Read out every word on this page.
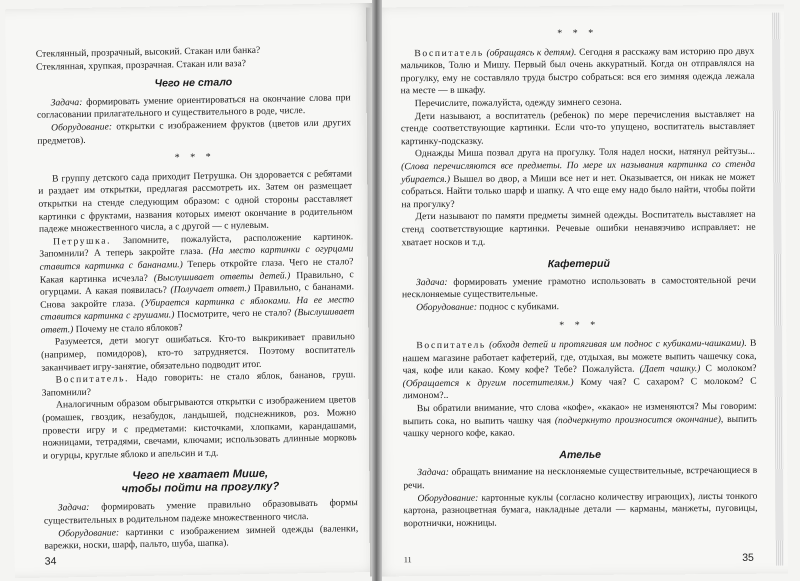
Стеклянный, прозрачный, высокий. Стакан или банка?

Стеклянная, хрупкая, прозрачная. Стакан или ваза?

Чего не стало

Задача: формировать умение ориентироваться на окончание слова при согласовании прилагательного и существительного в роде, числе.

Оборудование: открытки с изображением фруктов (цветов или других предметов).

* * *

В группу детского сада приходит Петрушка. Он здоровается с ребятами и раздает им открытки, предлагая рассмотреть их. Затем он размещает открытки на стенде следующим образом: с одной стороны расставляет картинки с фруктами, названия которых имеют окончание в родительном падеже множественного числа, а с другой — с нулевым.

Петрушка. Запомните, пожалуйста, расположение картинок. Запомнили? А теперь закройте глаза. (На место картинки с огурцами ставится картинка с бананами.) Теперь откройте глаза. Чего не стало? Какая картинка исчезла? (Выслушивает ответы детей.) Правильно, с огурцами. А какая появилась? (Получает ответ.) Правильно, с бананами. Снова закройте глаза. (Убирается картинка с яблоками. На ее место ставится картинка с грушами.) Посмотрите, чего не стало? (Выслушивает ответ.) Почему не стало яблоков?

Разумеется, дети могут ошибаться. Кто-то выкрикивает правильно (например, помидоров), кто-то затрудняется. Поэтому воспитатель заканчивает игру-занятие, обязательно подводит итог.

Воспитатель. Надо говорить: не стало яблок, бананов, груш. Запомнили?

Аналогичным образом обыгрываются открытки с изображением цветов (ромашек, гвоздик, незабудок, ландышей, подснежников, роз. Можно провести игру и с предметами: кисточками, хлопками, карандашами, ножницами, тетрадями, свечами, ключами; использовать длинные морковь и огурцы, круглые яблоко и апельсин и т.д.

Чего не хватает Мише,
чтобы пойти на прогулку?

Задача: формировать умение правильно образовывать формы существительных в родительном падеже множественного числа.

Оборудование: картинки с изображением зимней одежды (валенки, варежки, носки, шарф, пальто, шуба, шапка).

34
* * *

Воспитатель (обращаясь к детям). Сегодня я расскажу вам историю про двух мальчиков, Толю и Мишу. Первый был очень аккуратный. Когда он отправлялся на прогулку, ему не составляло труда быстро собраться: вся его зимняя одежда лежала на месте — в шкафу.

Перечислите, пожалуйста, одежду зимнего сезона.

Дети называют, а воспитатель (ребенок) по мере перечисления выставляет на стенде соответствующие картинки. Если что-то упущено, воспитатель выставляет картинку-подсказку.

Однажды Миша позвал друга на прогулку. Толя надел носки, натянул рейтузы... (Слова перечисляются все предметы. По мере их называния картинка со стенда убирается.) Вышел во двор, а Миши все нет и нет. Оказывается, он никак не может собраться. Найти только шарф и шапку. А что еще ему надо было найти, чтобы пойти на прогулку?

Дети называют по памяти предметы зимней одежды. Воспитатель выставляет на стенд соответствующие картинки. Речевые ошибки ненавязчиво исправляет: не хватает носков и т.д.

Кафетерий

Задача: формировать умение грамотно использовать в самостоятельной речи несклоняемые существительные.

Оборудование: поднос с кубиками.

* * *

Воспитатель (обходя детей и протягивая им поднос с кубиками-чашками). В нашем магазине работает кафетерий, где, отдыхая, вы можете выпить чашечку сока, чая, кофе или какао. Кому кофе? Тебе? Пожалуйста. (Дает чашку.) С молоком? (Обращается к другим посетителям.) Кому чая? С сахаром? С молоком? С лимоном?..

Вы обратили внимание, что слова «кофе», «какао» не изменяются? Мы говорим: выпить сока, но выпить чашку чая (подчеркнуто произносится окончание), выпить чашку черного кофе, какао.

Ателье

Задача: обращать внимание на несклоняемые существительные, встречающиеся в речи.

Оборудование: картонные куклы (согласно количеству играющих), листы тонкого картона, разноцветная бумага, накладные детали — карманы, манжеты, пуговицы, воротнички, ножницы.

11	35
